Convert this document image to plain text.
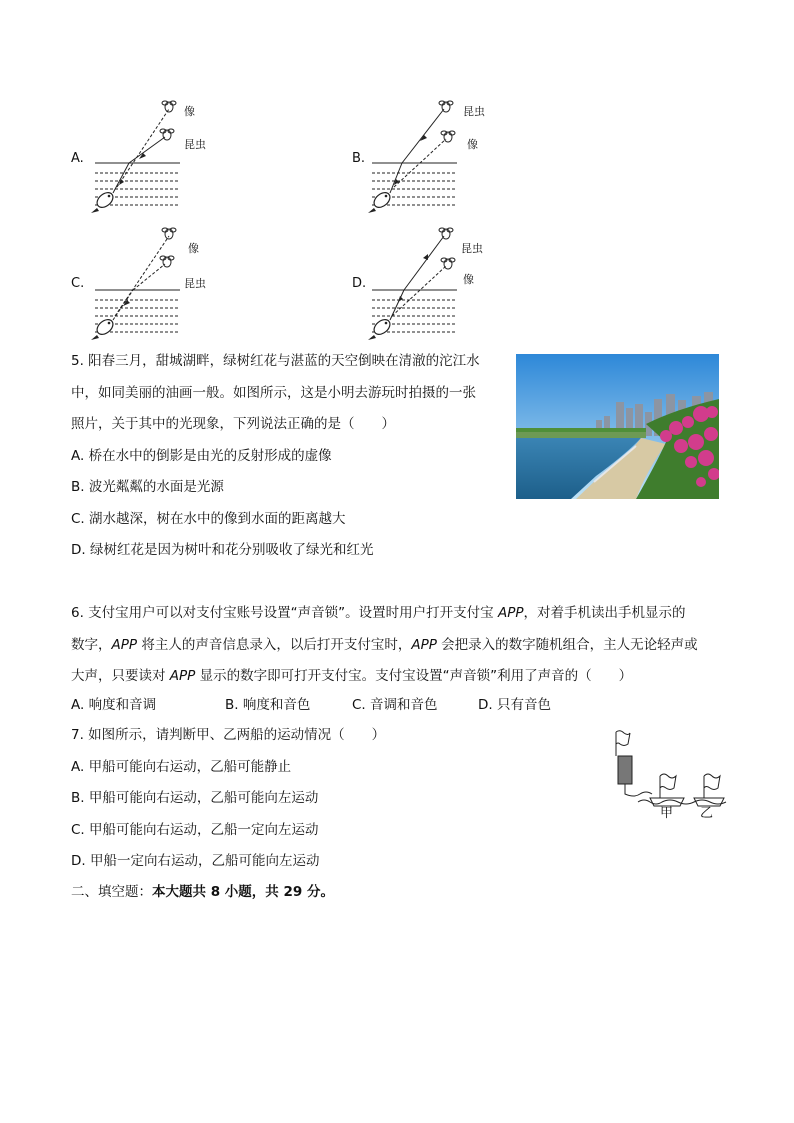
A.
像
昆虫
B.
昆虫
像
C.
像
昆虫	D.
昆虫
像
5. 阳春三月，甜城湖畔，绿树红花与湛蓝的天空倒映在清澈的沱江水
中，如同美丽的油画一般。如图所示，这是小明去游玩时拍摄的一张
照片，关于其中的光现象，下列说法正确的是（　　）
A. 桥在水中的倒影是由光的反射形成的虚像
B. 波光粼粼的水面是光源
C. 湖水越深，树在水中的像到水面的距离越大
D. 绿树红花是因为树叶和花分别吸收了绿光和红光
6. 支付宝用户可以对支付宝账号设置“声音锁”。设置时用户打开支付宝 APP，对着手机读出手机显示的
数字，APP 将主人的声音信息录入，以后打开支付宝时，APP 会把录入的数字随机组合，主人无论轻声或
大声，只要读对 APP 显示的数字即可打开支付宝。支付宝设置“声音锁”利用了声音的（　　）
A. 响度和音调	B. 响度和音色	C. 音调和音色	D. 只有音色
7. 如图所示，请判断甲、乙两船的运动情况（　　）
A. 甲船可能向右运动，乙船可能静止
B. 甲船可能向右运动，乙船可能向左运动
C. 甲船可能向右运动，乙船一定向左运动
D. 甲船一定向右运动，乙船可能向左运动
甲 乙
二、填空题：本大题共 8 小题，共 29 分。
